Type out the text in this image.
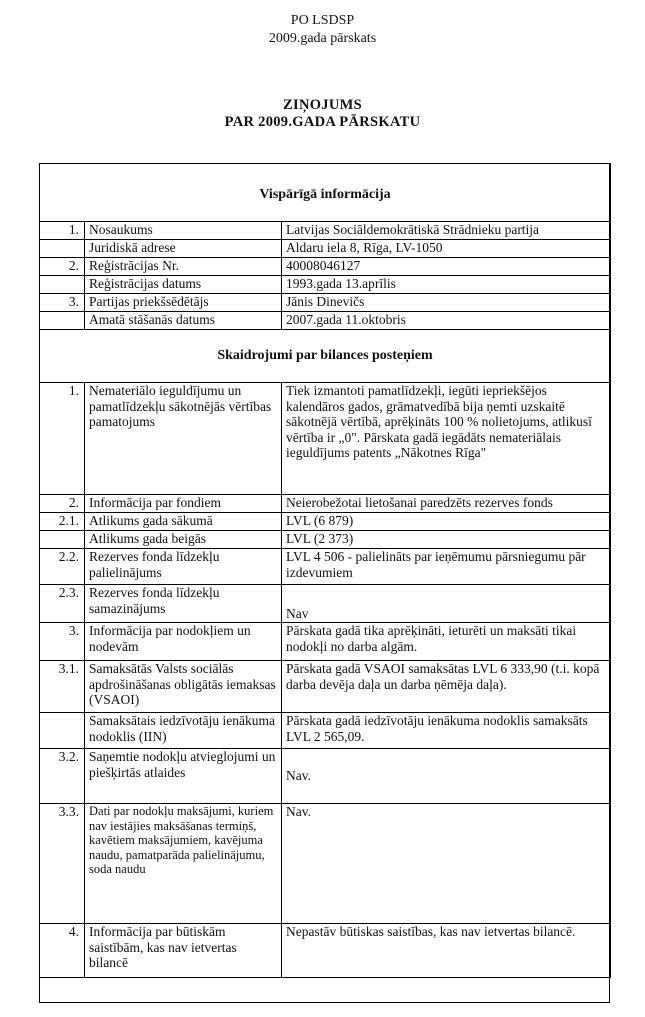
PO LSDSP
2009.gada pārskats
ZIŅOJUMS
PAR 2009.GADA PĀRSKATU
Vispārīgā informācija		
1.	Nosaukums	Latvijas Sociāldemokrātiskā Strādnieku partija
	Juridiskā adrese	Aldaru iela 8, Rīga, LV-1050
2.	Reģistrācijas Nr.	40008046127
	Reģistrācijas datums	1993.gada 13.aprīlis
3.	Partijas priekšsēdētājs	Jānis Dinevičs
	Amatā stāšanās datums	2007.gada 11.oktobris
Skaidrojumi par bilances posteņiem		
1.	Nemateriālo ieguldījumu un pamatlīdzekļu sākotnējās vērtības pamatojums	Tiek izmantoti pamatlīdzekļi, iegūti iepriekšējos kalendāros gados, grāmatvedībā bija ņemti uzskaitē sākotnējā vērtībā, aprēķināts 100 % nolietojums, atlikusī vērtība ir „0". Pārskata gadā iegādāts nemateriālais ieguldījums patents „Nākotnes Rīga"
2.	Informācija par fondiem	Neierobežotai lietošanai paredzēts rezerves fonds
2.1.	Atlikums gada sākumā	LVL (6 879)
	Atlikums gada beigās	LVL (2 373)
2.2.	Rezerves fonda līdzekļu palielinājums	LVL 4 506 - palielināts par ieņēmumu pārsniegumu pār izdevumiem
2.3.	Rezerves fonda līdzekļu samazinājums	Nav
3.	Informācija par nodokļiem un nodevām	Pārskata gadā tika aprēķināti, ieturēti un maksāti tikai nodokļi no darba algām.
3.1.	Samaksātās Valsts sociālās apdrošināšanas obligātās iemaksas (VSAOI)	Pārskata gadā VSAOI samaksātas LVL 6 333,90 (t.i. kopā darba devēja daļa un darba ņēmēja daļa).
	Samaksātais iedzīvotāju ienākuma nodoklis (IIN)	Pārskata gadā iedzīvotāju ienākuma nodoklis samaksāts LVL 2 565,09.
3.2.	Saņemtie nodokļu atvieglojumi un piešķirtās atlaides	Nav.
3.3.	Dati par nodokļu maksājumi, kuriem nav iestājies maksāšanas termiņš, kavētiem maksājumiem, kavējuma naudu, pamatparāda palielinājumu, soda naudu	Nav.
4.	Informācija par būtiskām saistībām, kas nav ietvertas bilancē	Nepastāv būtiskas saistības, kas nav ietvertas bilancē.
